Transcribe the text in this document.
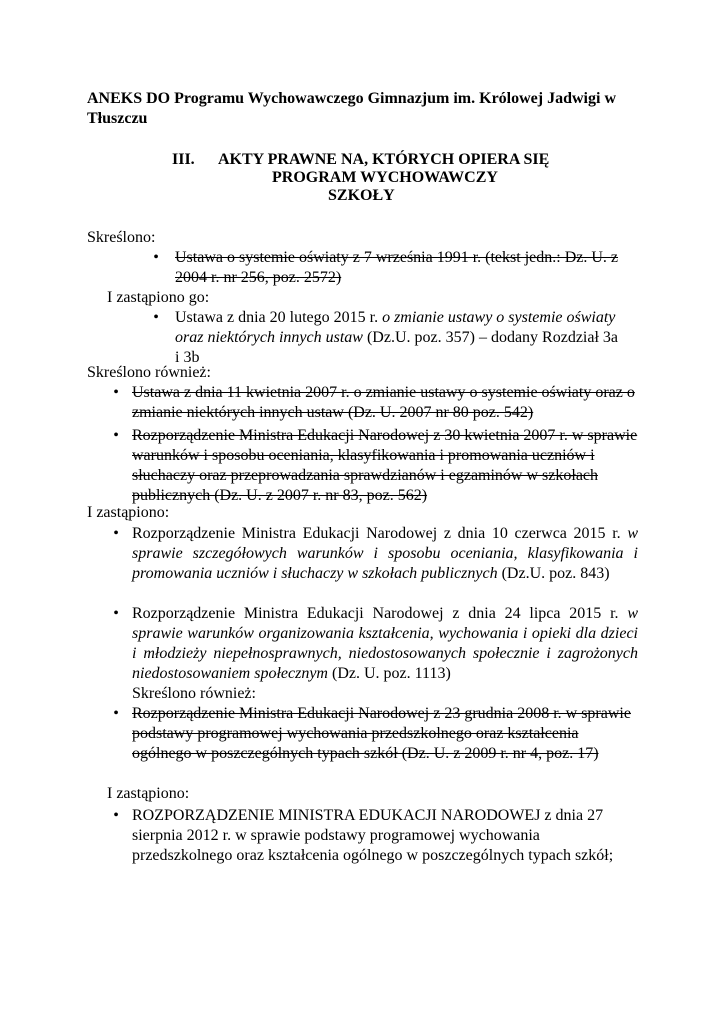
ANEKS DO Programu Wychowawczego Gimnazjum im. Królowej Jadwigi w Tłuszczu
III. AKTY PRAWNE NA, KTÓRYCH OPIERA SIĘ
PROGRAM WYCHOWAWCZY
SZKOŁY
Skreślono:
•	Ustawa o systemie oświaty z 7 września 1991 r. (tekst jedn.: Dz. U. z 2004 r. nr 256, poz. 2572)
I zastąpiono go:
•	Ustawa z dnia 20 lutego 2015 r. o zmianie ustawy o systemie oświaty oraz niektórych innych ustaw (Dz.U. poz. 357) – dodany Rozdział 3a i 3b
Skreślono również:
• Ustawa z dnia 11 kwietnia 2007 r. o zmianie ustawy o systemie oświaty oraz o zmianie niektórych innych ustaw (Dz. U. 2007 nr 80 poz. 542)
• Rozporządzenie Ministra Edukacji Narodowej z 30 kwietnia 2007 r. w sprawie warunków i sposobu oceniania, klasyfikowania i promowania uczniów i słuchaczy oraz przeprowadzania sprawdzianów i egzaminów w szkołach publicznych (Dz. U. z 2007 r. nr 83, poz. 562)
I zastąpiono:
• Rozporządzenie Ministra Edukacji Narodowej z dnia 10 czerwca 2015 r. w sprawie szczegółowych warunków i sposobu oceniania, klasyfikowania i promowania uczniów i słuchaczy w szkołach publicznych (Dz.U. poz. 843)
• Rozporządzenie Ministra Edukacji Narodowej z dnia 24 lipca 2015 r. w sprawie warunków organizowania kształcenia, wychowania i opieki dla dzieci i młodzieży niepełnosprawnych, niedostosowanych społecznie i zagrożonych niedostosowaniem społecznym (Dz. U. poz. 1113)
Skreślono również:
• Rozporządzenie Ministra Edukacji Narodowej z 23 grudnia 2008 r. w sprawie podstawy programowej wychowania przedszkolnego oraz kształcenia ogólnego w poszczególnych typach szkół (Dz. U. z 2009 r. nr 4, poz. 17)
I zastąpiono:
• ROZPORZĄDZENIE MINISTRA EDUKACJI NARODOWEJ z dnia 27 sierpnia 2012 r. w sprawie podstawy programowej wychowania przedszkolnego oraz kształcenia ogólnego w poszczególnych typach szkół;
